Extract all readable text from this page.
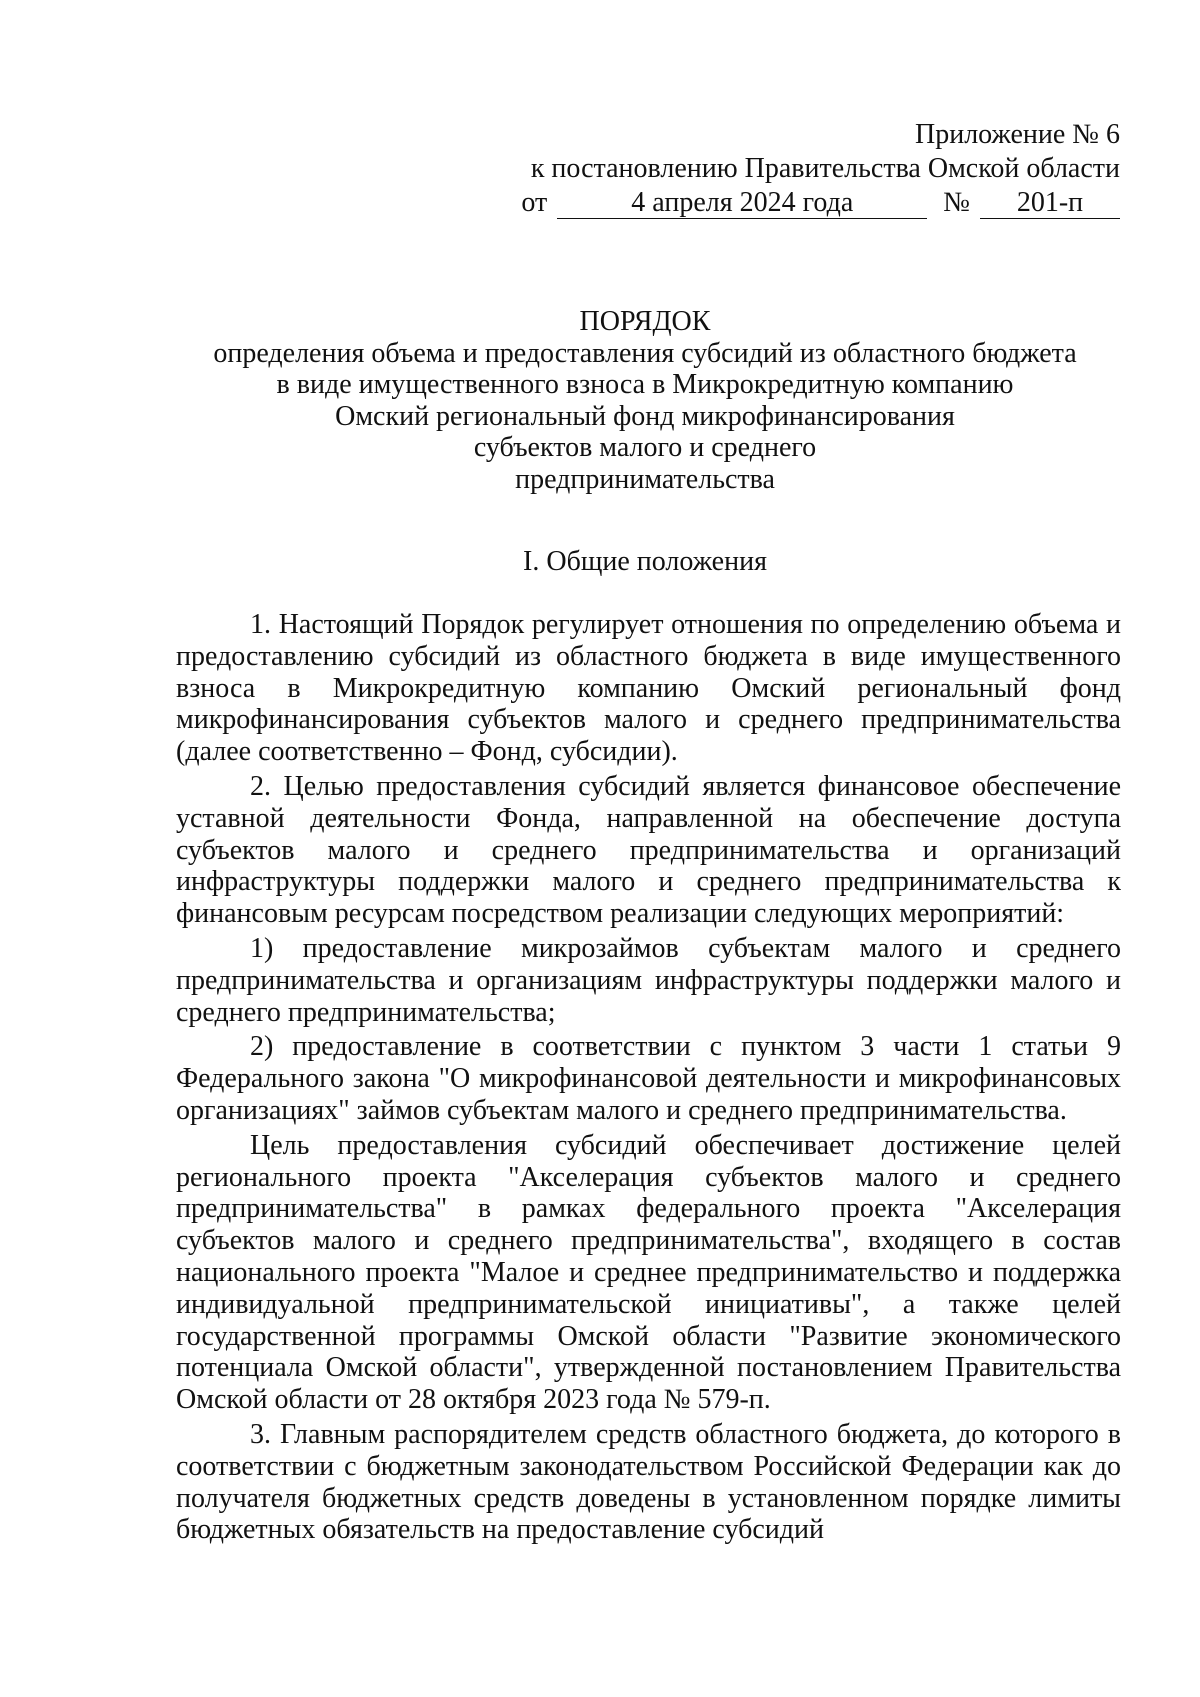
Приложение № 6
к постановлению Правительства Омской области
от	4 апреля 2024 года	№ 201-п
ПОРЯДОК
определения объема и предоставления субсидий из областного бюджета
в виде имущественного взноса в Микрокредитную компанию
Омский региональный фонд микрофинансирования
субъектов малого и среднего
предпринимательства
I. Общие положения

1. Настоящий Порядок регулирует отношения по определению объема и предоставлению субсидий из областного бюджета в виде имущественного взноса в Микрокредитную компанию Омский региональный фонд микрофинансирования субъектов малого и среднего предпринимательства (далее соответственно – Фонд, субсидии).

2. Целью предоставления субсидий является финансовое обеспечение уставной деятельности Фонда, направленной на обеспечение доступа субъектов малого и среднего предпринимательства и организаций инфраструктуры поддержки малого и среднего предпринимательства к финансовым ресурсам посредством реализации следующих мероприятий:

1) предоставление микрозаймов субъектам малого и среднего предпринимательства и организациям инфраструктуры поддержки малого и среднего предпринимательства;

2) предоставление в соответствии с пунктом 3 части 1 статьи 9 Федерального закона "О микрофинансовой деятельности и микрофинансовых организациях" займов субъектам малого и среднего предпринимательства.

Цель предоставления субсидий обеспечивает достижение целей регионального проекта "Акселерация субъектов малого и среднего предпринимательства" в рамках федерального проекта "Акселерация субъектов малого и среднего предпринимательства", входящего в состав национального проекта "Малое и среднее предпринимательство и поддержка индивидуальной предпринимательской инициативы", а также целей государственной программы Омской области "Развитие экономического потенциала Омской области", утвержденной постановлением Правительства Омской области от 28 октября 2023 года № 579-п.

3. Главным распорядителем средств областного бюджета, до которого в соответствии с бюджетным законодательством Российской Федерации как до получателя бюджетных средств доведены в установленном порядке лимиты бюджетных обязательств на предоставление субсидий
